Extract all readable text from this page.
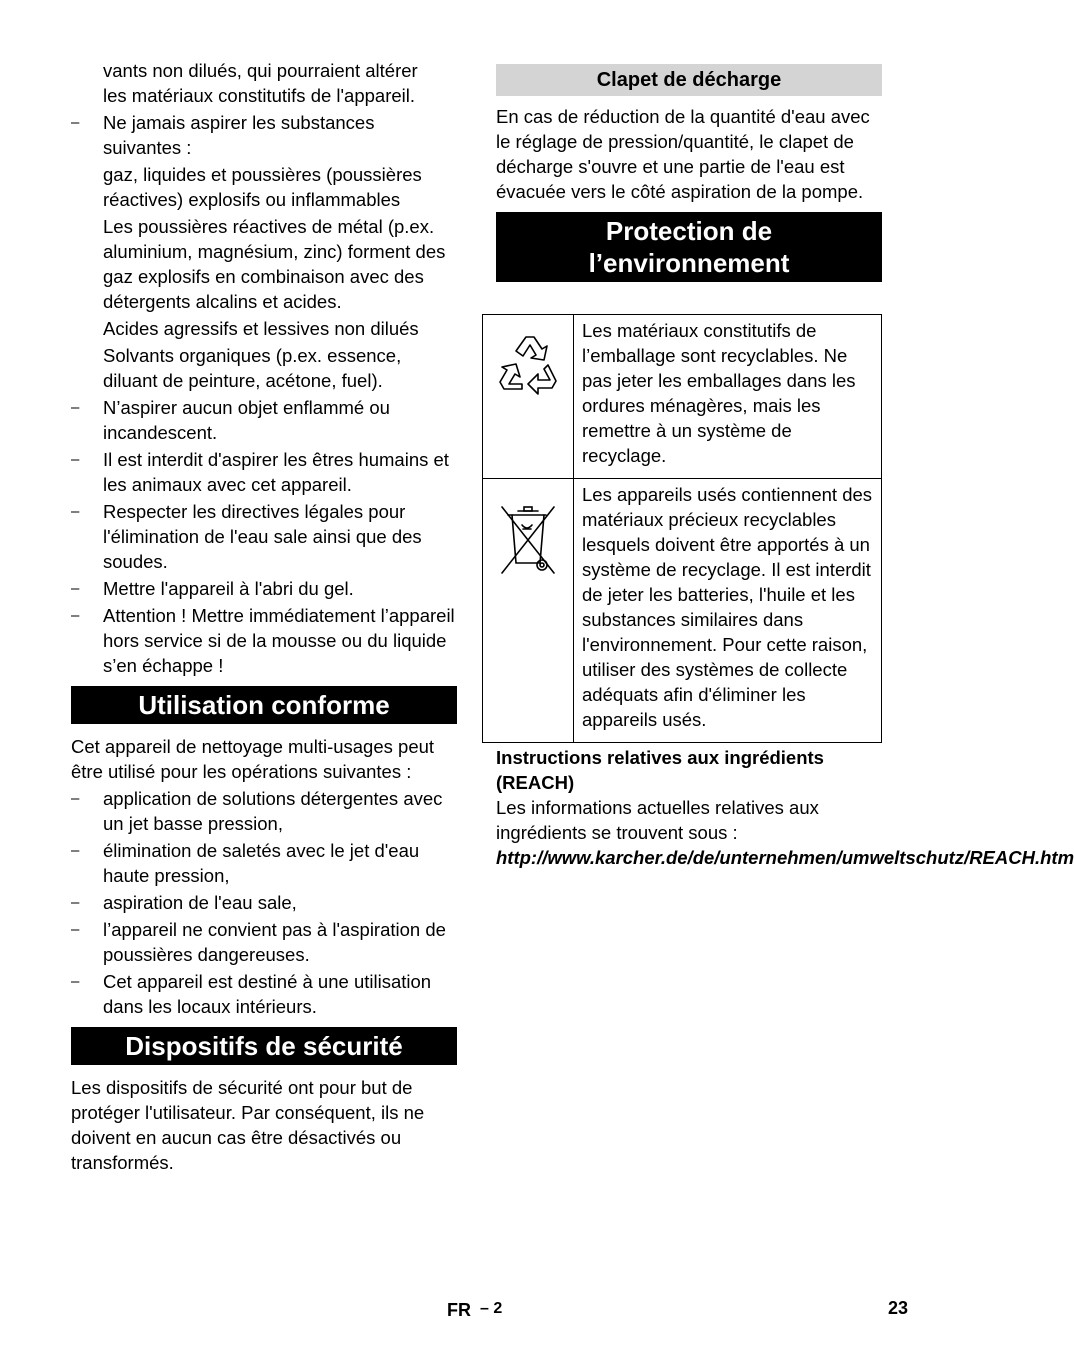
vants non dilués, qui pourraient altérer

les matériaux constitutifs de l'appareil.

– Ne jamais aspirer les substances suivantes :

gaz, liquides et poussières (poussières réactives) explosifs ou inflammables

Les poussières réactives de métal (p.ex. aluminium, magnésium, zinc) forment des gaz explosifs en combinaison avec des détergents alcalins et acides.

Acides agressifs et lessives non dilués

Solvants organiques (p.ex. essence, diluant de peinture, acétone, fuel).

– N’aspirer aucun objet enflammé ou incandescent.
– Il est interdit d'aspirer les êtres humains et les animaux avec cet appareil.
– Respecter les directives légales pour l'élimination de l'eau sale ainsi que des soudes.
– Mettre l'appareil à l'abri du gel.
– Attention ! Mettre immédiatement l’appareil hors service si de la mousse ou du liquide s’en échappe !
Utilisation conforme

Cet appareil de nettoyage multi-usages peut être utilisé pour les opérations suivantes :

– application de solutions détergentes avec un jet basse pression,
– élimination de saletés avec le jet d'eau haute pression,
– aspiration de l'eau sale,
– l’appareil ne convient pas à l'aspiration de poussières dangereuses.
– Cet appareil est destiné à une utilisation dans les locaux intérieurs.
Dispositifs de sécurité

Les dispositifs de sécurité ont pour but de protéger l'utilisateur. Par conséquent, ils ne doivent en aucun cas être désactivés ou transformés.

Clapet de décharge

En cas de réduction de la quantité d'eau avec le réglage de pression/quantité, le clapet de décharge s'ouvre et une partie de l'eau est évacuée vers le côté aspiration de la pompe.

Protection de l’environnement
	Les matériaux constitutifs de l’emballage sont recyclables. Ne pas jeter les emballages dans les ordures ménagères, mais les remettre à un système de recyclage.

	Les appareils usés contiennent des matériaux précieux recyclables lesquels doivent être apportés à un système de recyclage. Il est interdit de jeter les batteries, l'huile et les substances similaires dans l'environnement. Pour cette raison, utiliser des systèmes de collecte adéquats afin d'éliminer les appareils usés.

Instructions relatives aux ingrédients (REACH)

Les informations actuelles relatives aux ingrédients se trouvent sous :

http://www.karcher.de/de/unternehmen/umweltschutz/REACH.htm

FR – 2	23
